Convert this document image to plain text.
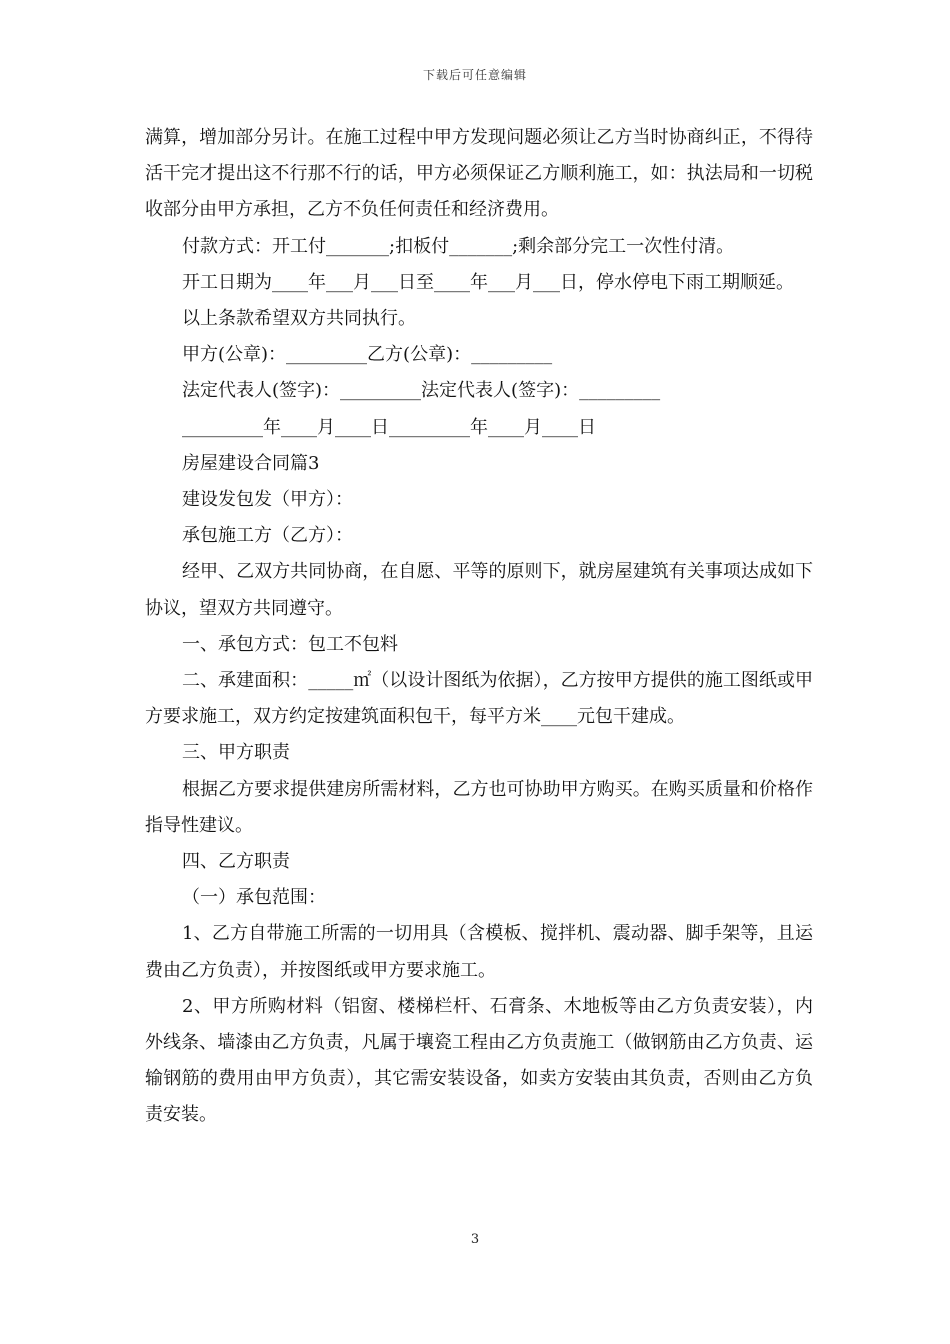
下载后可任意编辑

满算，增加部分另计。在施工过程中甲方发现问题必须让乙方当时协商纠正，不得待活干完才提出这不行那不行的话，甲方必须保证乙方顺利施工，如：执法局和一切税收部分由甲方承担，乙方不负任何责任和经济费用。

付款方式：开工付_______;扣板付_______;剩余部分完工一次性付清。

开工日期为____年___月___日至____年___月___日，停水停电下雨工期顺延。

以上条款希望双方共同执行。

甲方(公章)：_________乙方(公章)：_________

法定代表人(签字)：_________法定代表人(签字)：_________

_________年____月____日_________年____月____日

房屋建设合同篇3

建设发包发（甲方）：

承包施工方（乙方）：

经甲、乙双方共同协商，在自愿、平等的原则下，就房屋建筑有关事项达成如下协议，望双方共同遵守。

一、承包方式：包工不包料

二、承建面积：_____㎡（以设计图纸为依据），乙方按甲方提供的施工图纸或甲方要求施工，双方约定按建筑面积包干，每平方米____元包干建成。

三、甲方职责

根据乙方要求提供建房所需材料，乙方也可协助甲方购买。在购买质量和价格作指导性建议。

四、乙方职责

（一）承包范围：

1、乙方自带施工所需的一切用具（含模板、搅拌机、震动器、脚手架等，且运费由乙方负责），并按图纸或甲方要求施工。

2、甲方所购材料（铝窗、楼梯栏杆、石膏条、木地板等由乙方负责安装），内外线条、墙漆由乙方负责，凡属于壤瓷工程由乙方负责施工（做钢筋由乙方负责、运输钢筋的费用由甲方负责），其它需安装设备，如卖方安装由其负责，否则由乙方负责安装。

3
